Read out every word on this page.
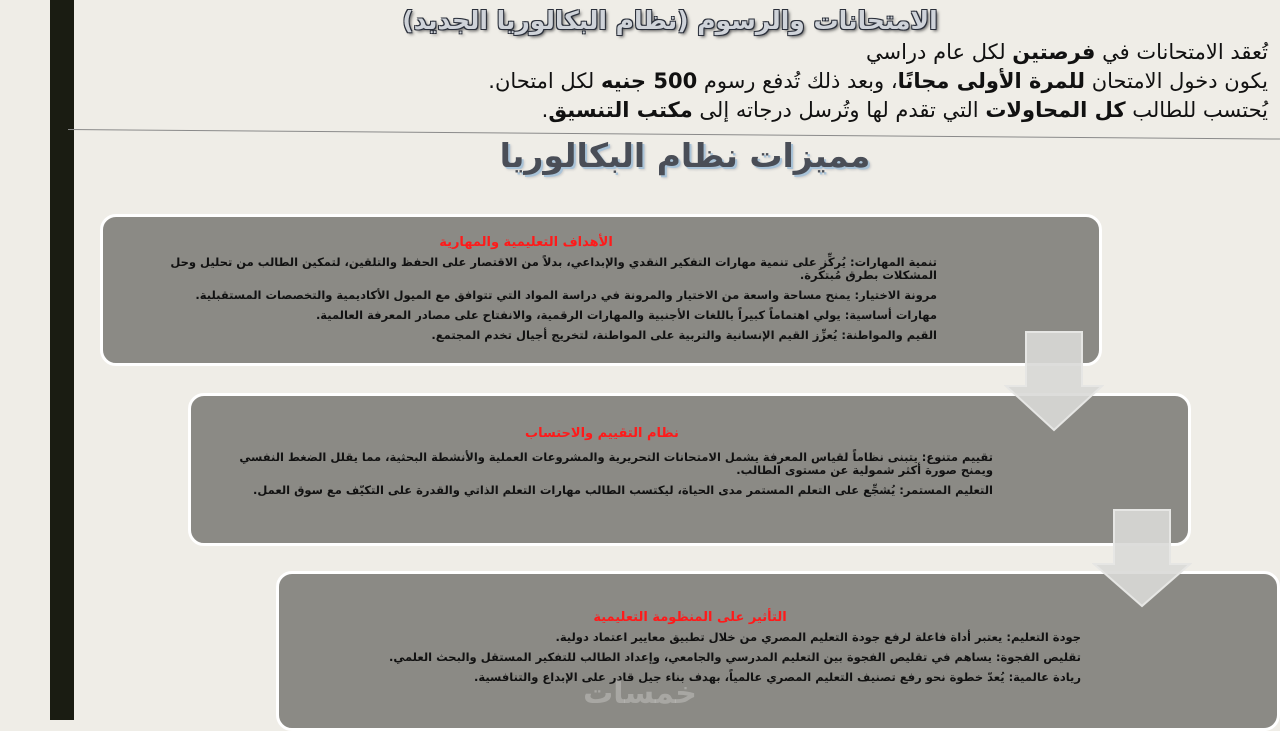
الامتحانات والرسوم (نظام البكالوريا الجديد)
تُعقد الامتحانات في فرصتين لكل عام دراسي
يكون دخول الامتحان للمرة الأولى مجانًا، وبعد ذلك تُدفع رسوم 500 جنيه لكل امتحان.
يُحتسب للطالب كل المحاولات التي تقدم لها وتُرسل درجاته إلى مكتب التنسيق.
مميزات نظام البكالوريا
الأهداف التعليمية والمهارية
تنمية المهارات: يُركِّز على تنمية مهارات التفكير النقدي والإبداعي، بدلاً من الاقتصار على الحفظ والتلقين، لتمكين الطالب من تحليل وحل المشكلات بطرق مُبتكَرة.
مرونة الاختيار: يمنح مساحة واسعة من الاختيار والمرونة في دراسة المواد التي تتوافق مع الميول الأكاديمية والتخصصات المستقبلية.
مهارات أساسية: يولي اهتماماً كبيراً باللغات الأجنبية والمهارات الرقمية، والانفتاح على مصادر المعرفة العالمية.
القيم والمواطنة: يُعزِّز القيم الإنسانية والتربية على المواطنة، لتخريج أجيال تخدم المجتمع.
نظام التقييم والاحتساب
تقييم متنوع: يتبنى نظاماً لقياس المعرفة يشمل الامتحانات التحريرية والمشروعات العملية والأنشطة البحثية، مما يقلل الضغط النفسي ويمنح صورة أكثر شمولية عن مستوى الطالب.
التعليم المستمر: يُشجِّع على التعلم المستمر مدى الحياة، ليكتسب الطالب مهارات التعلم الذاتي والقدرة على التكيّف مع سوق العمل.
التأثير على المنظومة التعليمية
جودة التعليم: يعتبر أداة فاعلة لرفع جودة التعليم المصري من خلال تطبيق معايير اعتماد دولية.
تقليص الفجوة: يساهم في تقليص الفجوة بين التعليم المدرسي والجامعي، وإعداد الطالب للتفكير المستقل والبحث العلمي.
ريادة عالمية: يُعدّ خطوة نحو رفع تصنيف التعليم المصري عالمياً، بهدف بناء جيل قادر على الإبداع والتنافسية.
خمسات
